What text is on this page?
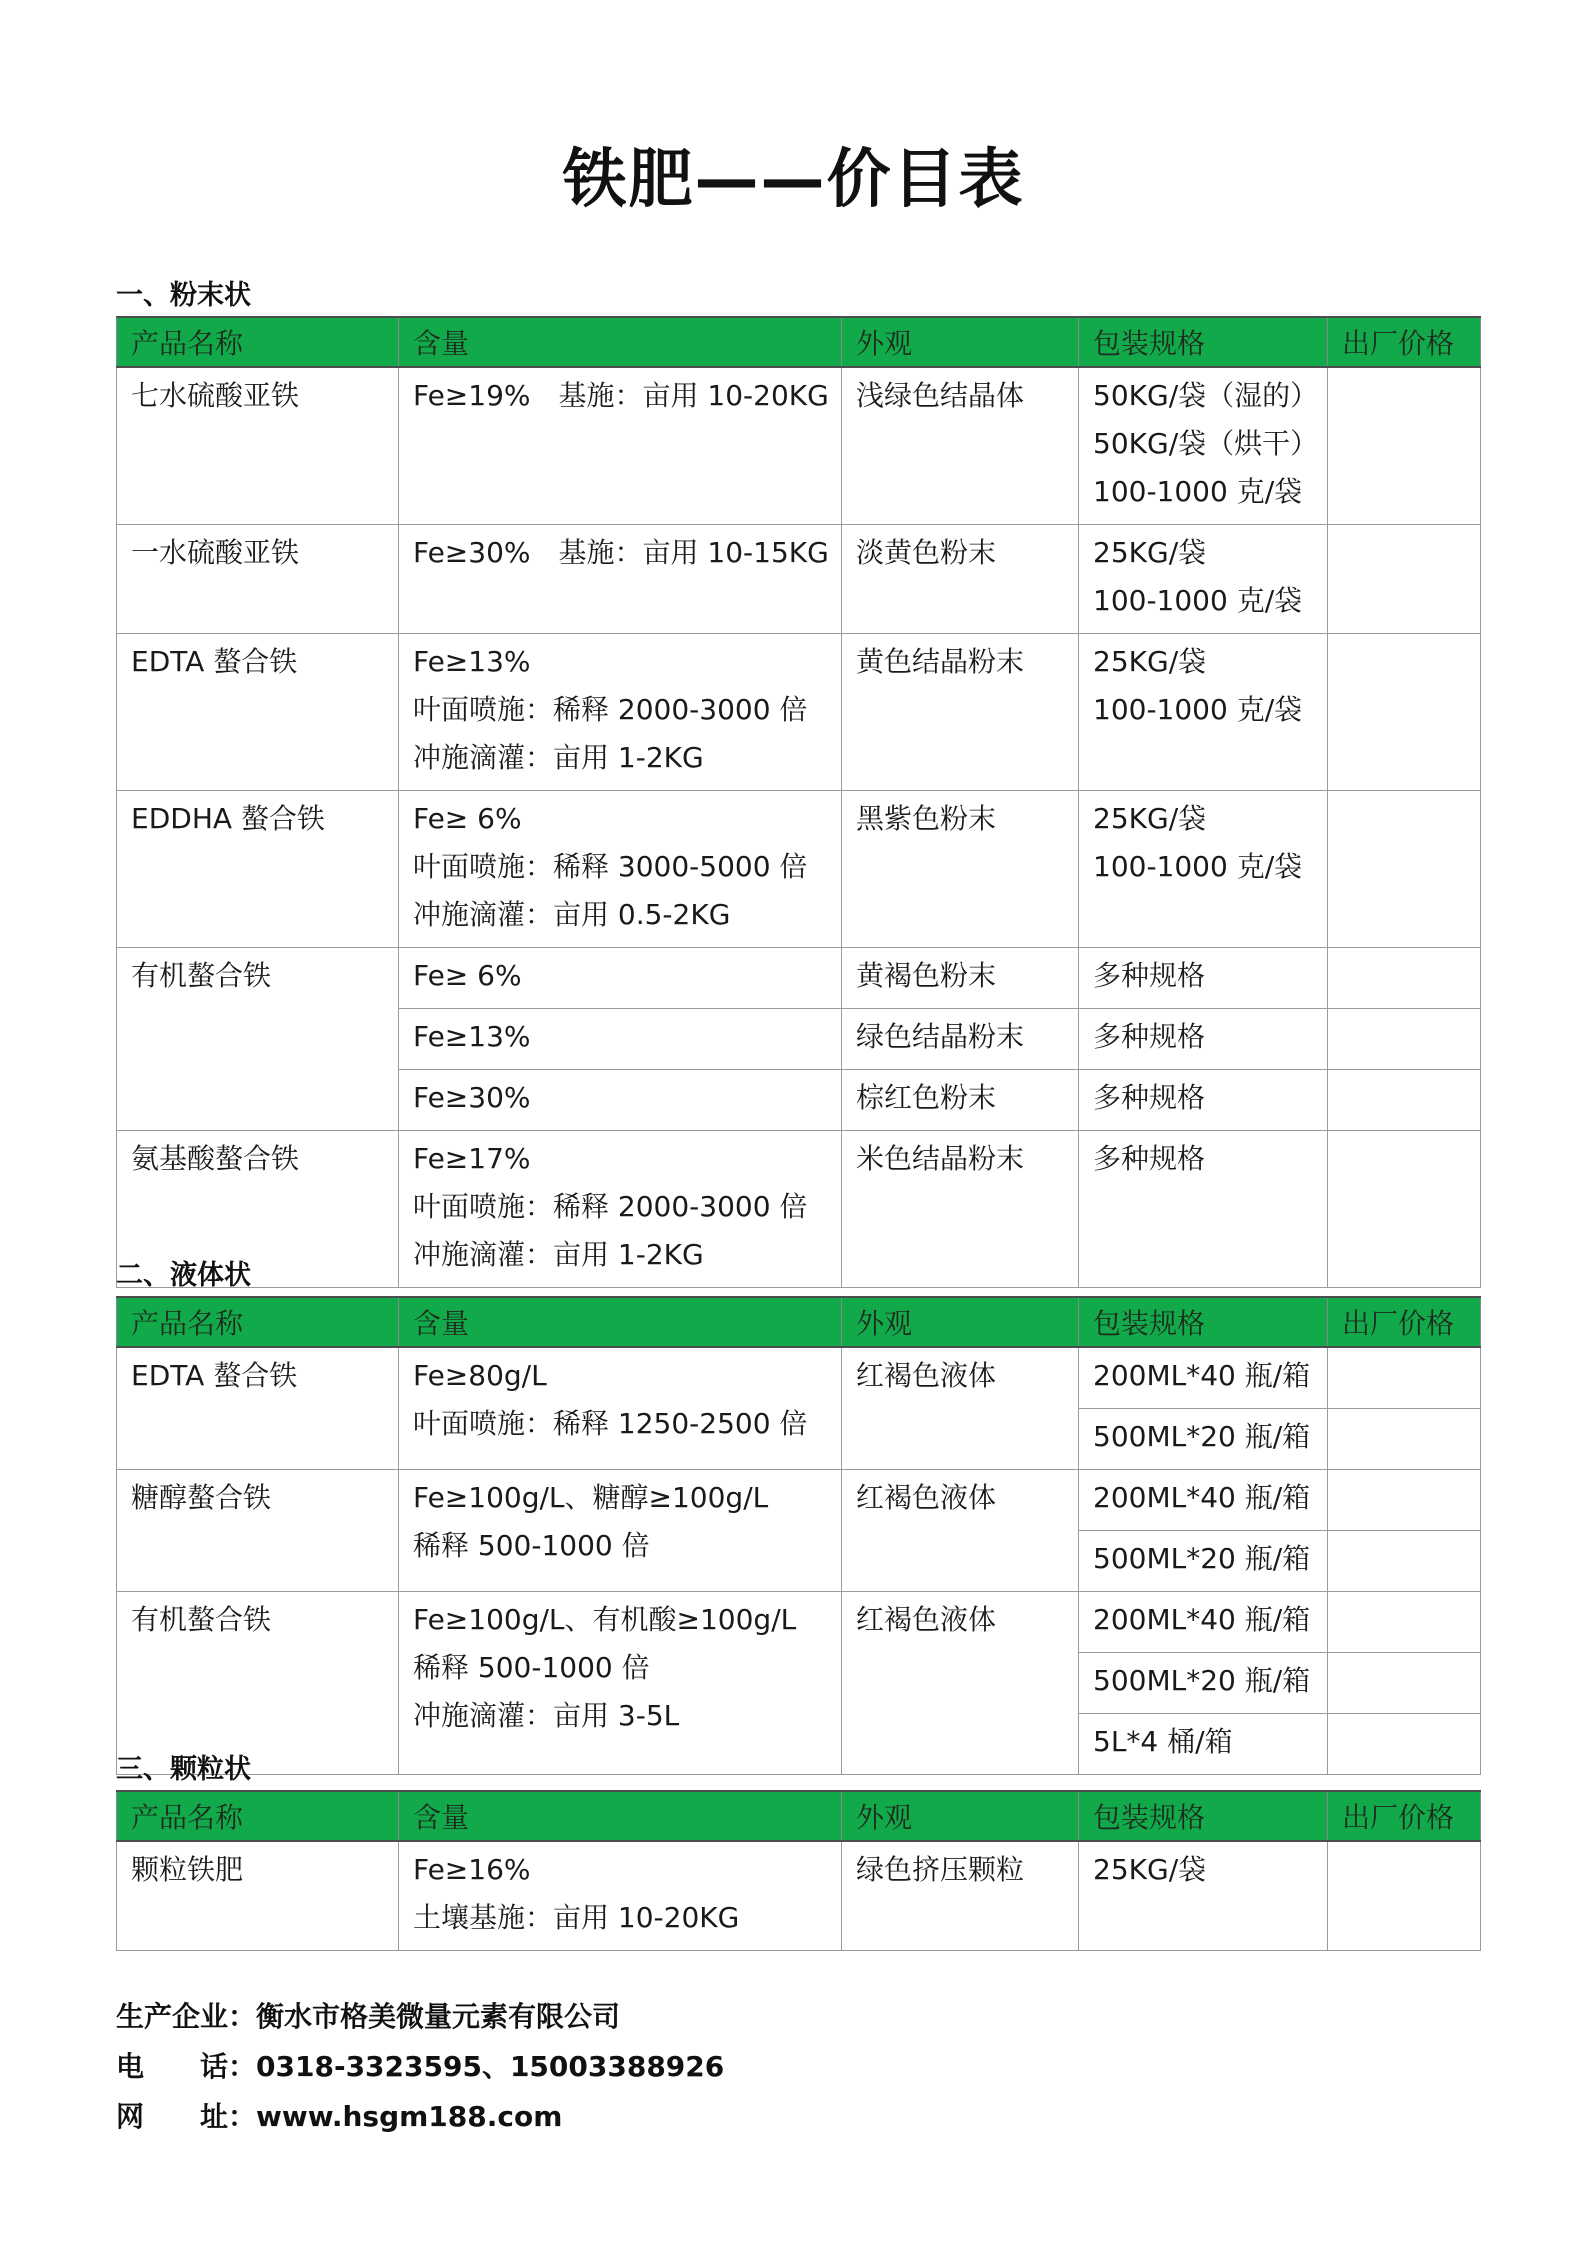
铁肥——价目表
一、粉末状
产品名称	含量	外观	包装规格	出厂价格
七水硫酸亚铁	Fe≥19%　基施：亩用 10-20KG	浅绿色结晶体	50KG/袋（湿的）
50KG/袋（烘干）
100-1000 克/袋	

一水硫酸亚铁	Fe≥30%　基施：亩用 10-15KG	淡黄色粉末	25KG/袋
100-1000 克/袋	

EDTA 螯合铁	Fe≥13%
叶面喷施：稀释 2000-3000 倍
冲施滴灌：亩用 1-2KG	黄色结晶粉末	25KG/袋
100-1000 克/袋	

EDDHA 螯合铁	Fe≥ 6%
叶面喷施：稀释 3000-5000 倍
冲施滴灌：亩用 0.5-2KG	黑紫色粉末	25KG/袋
100-1000 克/袋	

有机螯合铁	Fe≥ 6%	黄褐色粉末	多种规格	
	Fe≥13%	绿色结晶粉末	多种规格	
	Fe≥30%	棕红色粉末	多种规格	
氨基酸螯合铁	Fe≥17%
叶面喷施：稀释 2000-3000 倍
冲施滴灌：亩用 1-2KG	米色结晶粉末	多种规格	

二、液体状
产品名称	含量	外观	包装规格	出厂价格
EDTA 螯合铁	Fe≥80g/L
叶面喷施：稀释 1250-2500 倍	红褐色液体	200ML*40 瓶/箱	
			500ML*20 瓶/箱	
糖醇螯合铁	Fe≥100g/L、糖醇≥100g/L
稀释 500-1000 倍	红褐色液体	200ML*40 瓶/箱	
			500ML*20 瓶/箱	
有机螯合铁	Fe≥100g/L、有机酸≥100g/L
稀释 500-1000 倍
冲施滴灌：亩用 3-5L	红褐色液体	200ML*40 瓶/箱	
			500ML*20 瓶/箱	
			5L*4 桶/箱	
三、颗粒状
产品名称	含量	外观	包装规格	出厂价格
颗粒铁肥	Fe≥16%
土壤基施：亩用 10-20KG	绿色挤压颗粒	25KG/袋	

生产企业：衡水市格美微量元素有限公司
电　　话：0318-3323595、15003388926
网　　址：www.hsgm188.com
